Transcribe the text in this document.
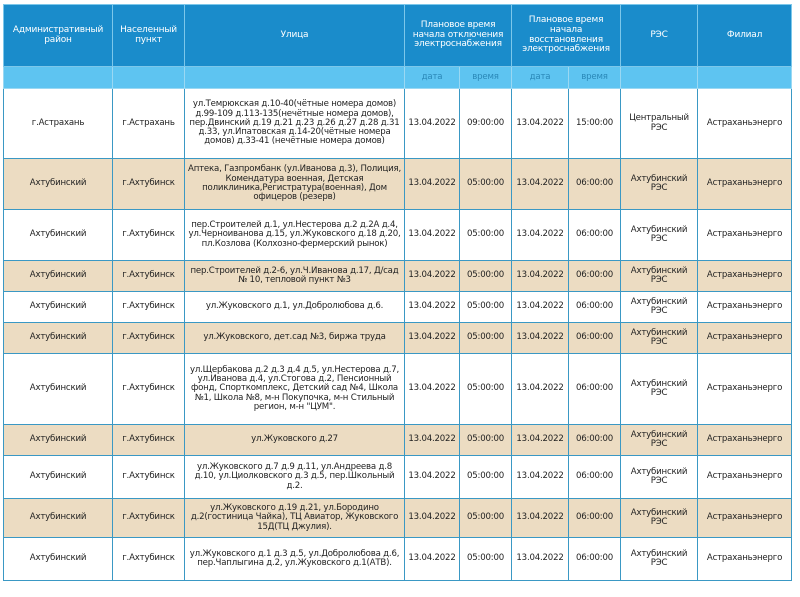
Административный район	Населенный пункт	Улица	Плановое время начала отключения электроснабжения		Плановое время начала восстановления электроснабжения		РЭС	Филиал
			дата	время	дата	время		
г.Астрахань	г.Астрахань	ул.Темрюкская д.10-40(чётные номера домов) д.99-109 д.113-135(нечётные номера домов), пер.Двинский д.19 д.21 д.23 д.26 д.27 д.28 д.31 д.33, ул.Ипатовская д.14-20(чётные номера домов) д.33-41 (нечётные номера домов)	13.04.2022	09:00:00	13.04.2022	15:00:00	Центральный РЭС	Астраханьэнерго
Ахтубинский	г.Ахтубинск	Аптека, Газпромбанк (ул.Иванова д.3), Полиция, Комендатура военная, Детская поликлиника,Регистратура(военная), Дом офицеров (резерв)	13.04.2022	05:00:00	13.04.2022	06:00:00	Ахтубинский РЭС	Астраханьэнерго
Ахтубинский	г.Ахтубинск	пер.Строителей д.1, ул.Нестерова д.2 д.2А д.4, ул.Черноиванова д.15, ул.Жуковского д.18 д.20, пл.Козлова (Колхозно-фермерский рынок)	13.04.2022	05:00:00	13.04.2022	06:00:00	Ахтубинский РЭС	Астраханьэнерго
Ахтубинский	г.Ахтубинск	пер.Строителей д.2-6, ул.Ч.Иванова д.17, Д/сад № 10, тепловой пункт №3	13.04.2022	05:00:00	13.04.2022	06:00:00	Ахтубинский РЭС	Астраханьэнерго
Ахтубинский	г.Ахтубинск	ул.Жуковского д.1, ул.Добролюбова д.6.	13.04.2022	05:00:00	13.04.2022	06:00:00	Ахтубинский РЭС	Астраханьэнерго
Ахтубинский	г.Ахтубинск	ул.Жуковского, дет.сад №3, биржа труда	13.04.2022	05:00:00	13.04.2022	06:00:00	Ахтубинский РЭС	Астраханьэнерго
Ахтубинский	г.Ахтубинск	ул.Щербакова д.2 д.3 д.4 д.5, ул.Нестерова д.7, ул.Иванова д.4, ул.Стогова д.2, Пенсионный фонд, Спорткомплекс, Детский сад №4, Школа №1, Школа №8, м-н Покупочка, м-н Стильный регион, м-н "ЦУМ".	13.04.2022	05:00:00	13.04.2022	06:00:00	Ахтубинский РЭС	Астраханьэнерго
Ахтубинский	г.Ахтубинск	ул.Жуковского д.27	13.04.2022	05:00:00	13.04.2022	06:00:00	Ахтубинский РЭС	Астраханьэнерго
Ахтубинский	г.Ахтубинск	ул.Жуковского д.7 д.9 д.11, ул.Андреева д.8 д.10, ул.Циолковского д.3 д.5, пер.Школьный д.2.	13.04.2022	05:00:00	13.04.2022	06:00:00	Ахтубинский РЭС	Астраханьэнерго
Ахтубинский	г.Ахтубинск	ул.Жуковского д.19 д.21, ул.Бородино д.2(гостиница Чайка), ТЦ Авиатор, Жуковского 15Д(ТЦ Джулия).	13.04.2022	05:00:00	13.04.2022	06:00:00	Ахтубинский РЭС	Астраханьэнерго
Ахтубинский	г.Ахтубинск	ул.Жуковского д.1 д.3 д.5, ул.Добролюбова д.6, пер.Чаплыгина д.2, ул.Жуковского д.1(АТВ).	13.04.2022	05:00:00	13.04.2022	06:00:00	Ахтубинский РЭС	Астраханьэнерго
